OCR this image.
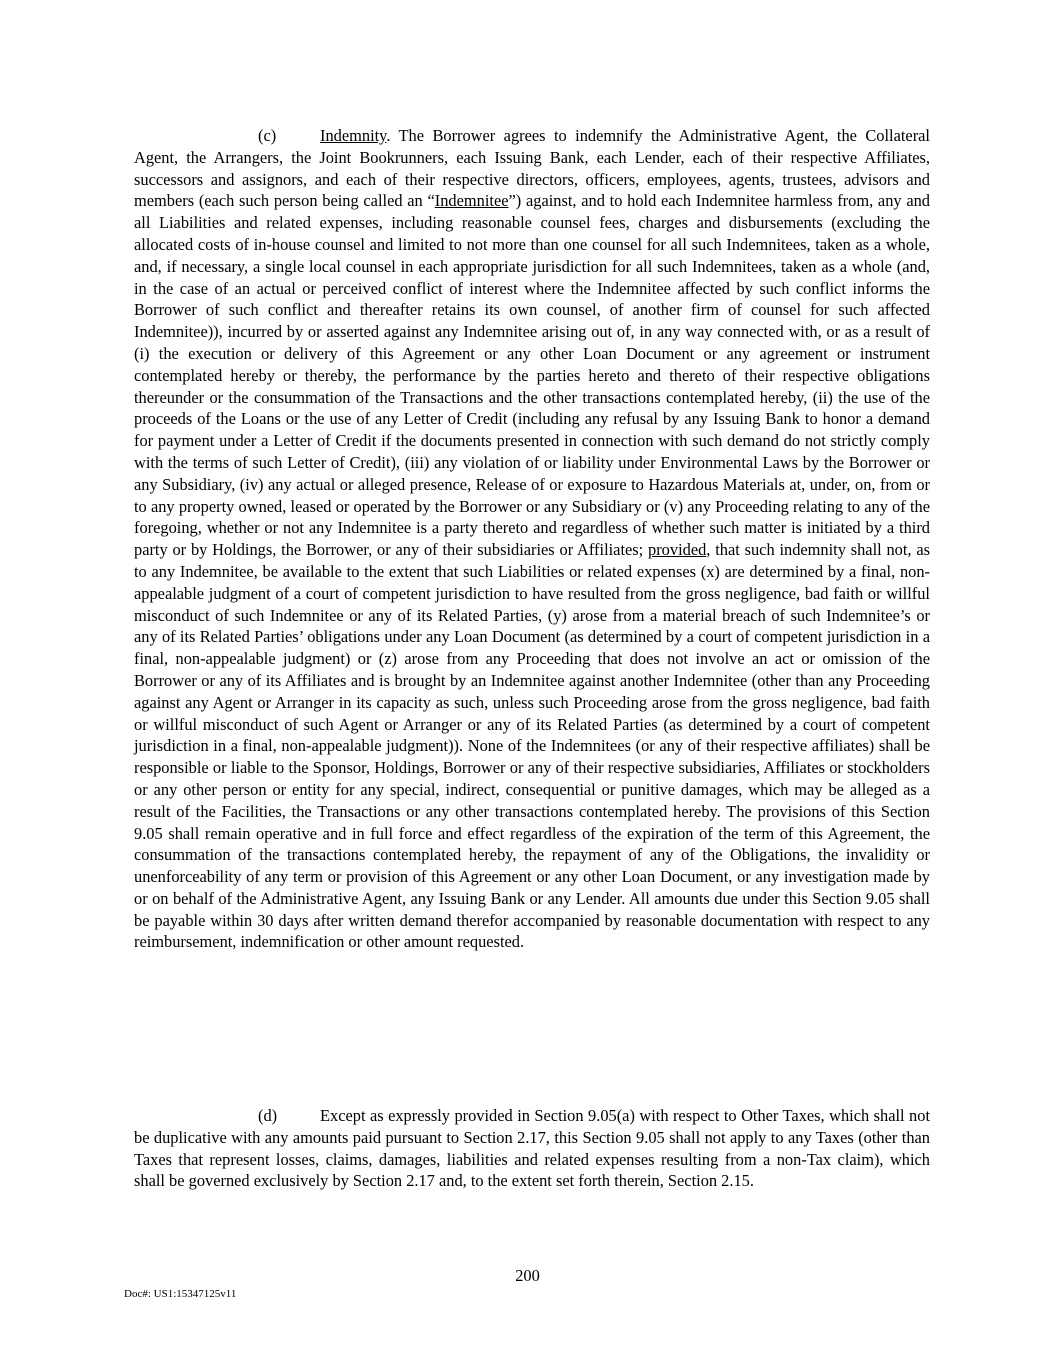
(c)	Indemnity. The Borrower agrees to indemnify the Administrative Agent, the Collateral Agent, the Arrangers, the Joint Bookrunners, each Issuing Bank, each Lender, each of their respective Affiliates, successors and assignors, and each of their respective directors, officers, employees, agents, trustees, advisors and members (each such person being called an “Indemnitee”) against, and to hold each Indemnitee harmless from, any and all Liabilities and related expenses, including reasonable counsel fees, charges and disbursements (excluding the allocated costs of in-house counsel and limited to not more than one counsel for all such Indemnitees, taken as a whole, and, if necessary, a single local counsel in each appropriate jurisdiction for all such Indemnitees, taken as a whole (and, in the case of an actual or perceived conflict of interest where the Indemnitee affected by such conflict informs the Borrower of such conflict and thereafter retains its own counsel, of another firm of counsel for such affected Indemnitee)), incurred by or asserted against any Indemnitee arising out of, in any way connected with, or as a result of (i) the execution or delivery of this Agreement or any other Loan Document or any agreement or instrument contemplated hereby or thereby, the performance by the parties hereto and thereto of their respective obligations thereunder or the consummation of the Transactions and the other transactions contemplated hereby, (ii) the use of the proceeds of the Loans or the use of any Letter of Credit (including any refusal by any Issuing Bank to honor a demand for payment under a Letter of Credit if the documents presented in connection with such demand do not strictly comply with the terms of such Letter of Credit), (iii) any violation of or liability under Environmental Laws by the Borrower or any Subsidiary, (iv) any actual or alleged presence, Release of or exposure to Hazardous Materials at, under, on, from or to any property owned, leased or operated by the Borrower or any Subsidiary or (v) any Proceeding relating to any of the foregoing, whether or not any Indemnitee is a party thereto and regardless of whether such matter is initiated by a third party or by Holdings, the Borrower, or any of their subsidiaries or Affiliates; provided, that such indemnity shall not, as to any Indemnitee, be available to the extent that such Liabilities or related expenses (x) are determined by a final, non-appealable judgment of a court of competent jurisdiction to have resulted from the gross negligence, bad faith or willful misconduct of such Indemnitee or any of its Related Parties, (y) arose from a material breach of such Indemnitee’s or any of its Related Parties’ obligations under any Loan Document (as determined by a court of competent jurisdiction in a final, non-appealable judgment) or (z) arose from any Proceeding that does not involve an act or omission of the Borrower or any of its Affiliates and is brought by an Indemnitee against another Indemnitee (other than any Proceeding against any Agent or Arranger in its capacity as such, unless such Proceeding arose from the gross negligence, bad faith or willful misconduct of such Agent or Arranger or any of its Related Parties (as determined by a court of competent jurisdiction in a final, non-appealable judgment)). None of the Indemnitees (or any of their respective affiliates) shall be responsible or liable to the Sponsor, Holdings, Borrower or any of their respective subsidiaries, Affiliates or stockholders or any other person or entity for any special, indirect, consequential or punitive damages, which may be alleged as a result of the Facilities, the Transactions or any other transactions contemplated hereby. The provisions of this Section 9.05 shall remain operative and in full force and effect regardless of the expiration of the term of this Agreement, the consummation of the transactions contemplated hereby, the repayment of any of the Obligations, the invalidity or unenforceability of any term or provision of this Agreement or any other Loan Document, or any investigation made by or on behalf of the Administrative Agent, any Issuing Bank or any Lender. All amounts due under this Section 9.05 shall be payable within 30 days after written demand therefor accompanied by reasonable documentation with respect to any reimbursement, indemnification or other amount requested.

(d)	Except as expressly provided in Section 9.05(a) with respect to Other Taxes, which shall not be duplicative with any amounts paid pursuant to Section 2.17, this Section 9.05 shall not apply to any Taxes (other than Taxes that represent losses, claims, damages, liabilities and related expenses resulting from a non-Tax claim), which shall be governed exclusively by Section 2.17 and, to the extent set forth therein, Section 2.15.

200

Doc#: US1:15347125v11
